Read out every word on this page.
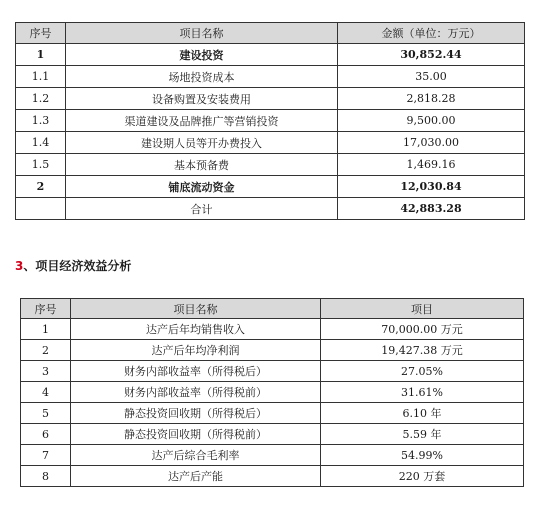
序号	项目名称	金额（单位：万元）
1	建设投资	30,852.44
1.1	场地投资成本	35.00
1.2	设备购置及安装费用	2,818.28
1.3	渠道建设及品牌推广等营销投资	9,500.00
1.4	建设期人员等开办费投入	17,030.00
1.5	基本预备费	1,469.16
2	铺底流动资金	12,030.84
	合计	42,883.28
3、项目经济效益分析
序号	项目名称	项目
1	达产后年均销售收入	70,000.00 万元
2	达产后年均净利润	19,427.38 万元
3	财务内部收益率（所得税后）	27.05%
4	财务内部收益率（所得税前）	31.61%
5	静态投资回收期（所得税后）	6.10 年
6	静态投资回收期（所得税前）	5.59 年
7	达产后综合毛利率	54.99%
8	达产后产能	220 万套
